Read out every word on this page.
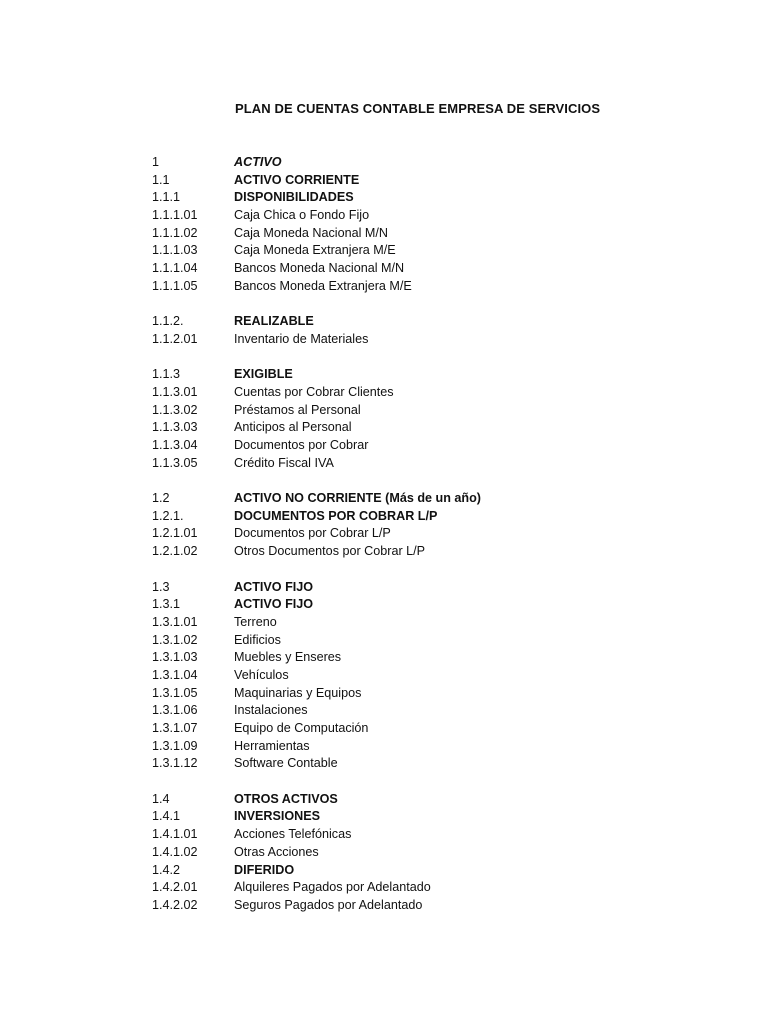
PLAN DE CUENTAS CONTABLE EMPRESA DE SERVICIOS
1	ACTIVO
1.1	ACTIVO CORRIENTE
1.1.1	DISPONIBILIDADES
1.1.1.01	Caja Chica o Fondo Fijo
1.1.1.02	Caja Moneda Nacional M/N
1.1.1.03	Caja Moneda Extranjera M/E
1.1.1.04	Bancos Moneda Nacional M/N
1.1.1.05	Bancos Moneda Extranjera M/E
1.1.2.	REALIZABLE
1.1.2.01	Inventario de Materiales
1.1.3	EXIGIBLE
1.1.3.01	Cuentas por Cobrar Clientes
1.1.3.02	Préstamos al Personal
1.1.3.03	Anticipos al Personal
1.1.3.04	Documentos por Cobrar
1.1.3.05	Crédito Fiscal IVA
1.2	ACTIVO NO CORRIENTE (Más de un año)
1.2.1.	DOCUMENTOS POR COBRAR L/P
1.2.1.01	Documentos por Cobrar L/P
1.2.1.02	Otros Documentos por Cobrar L/P
1.3	ACTIVO FIJO
1.3.1	ACTIVO FIJO
1.3.1.01	Terreno
1.3.1.02	Edificios
1.3.1.03	Muebles y Enseres
1.3.1.04	Vehículos
1.3.1.05	Maquinarias y Equipos
1.3.1.06	Instalaciones
1.3.1.07	Equipo de Computación
1.3.1.09	Herramientas
1.3.1.12	Software Contable
1.4	OTROS ACTIVOS
1.4.1	INVERSIONES
1.4.1.01	Acciones Telefónicas
1.4.1.02	Otras Acciones
1.4.2	DIFERIDO
1.4.2.01	Alquileres Pagados por Adelantado
1.4.2.02	Seguros Pagados por Adelantado
